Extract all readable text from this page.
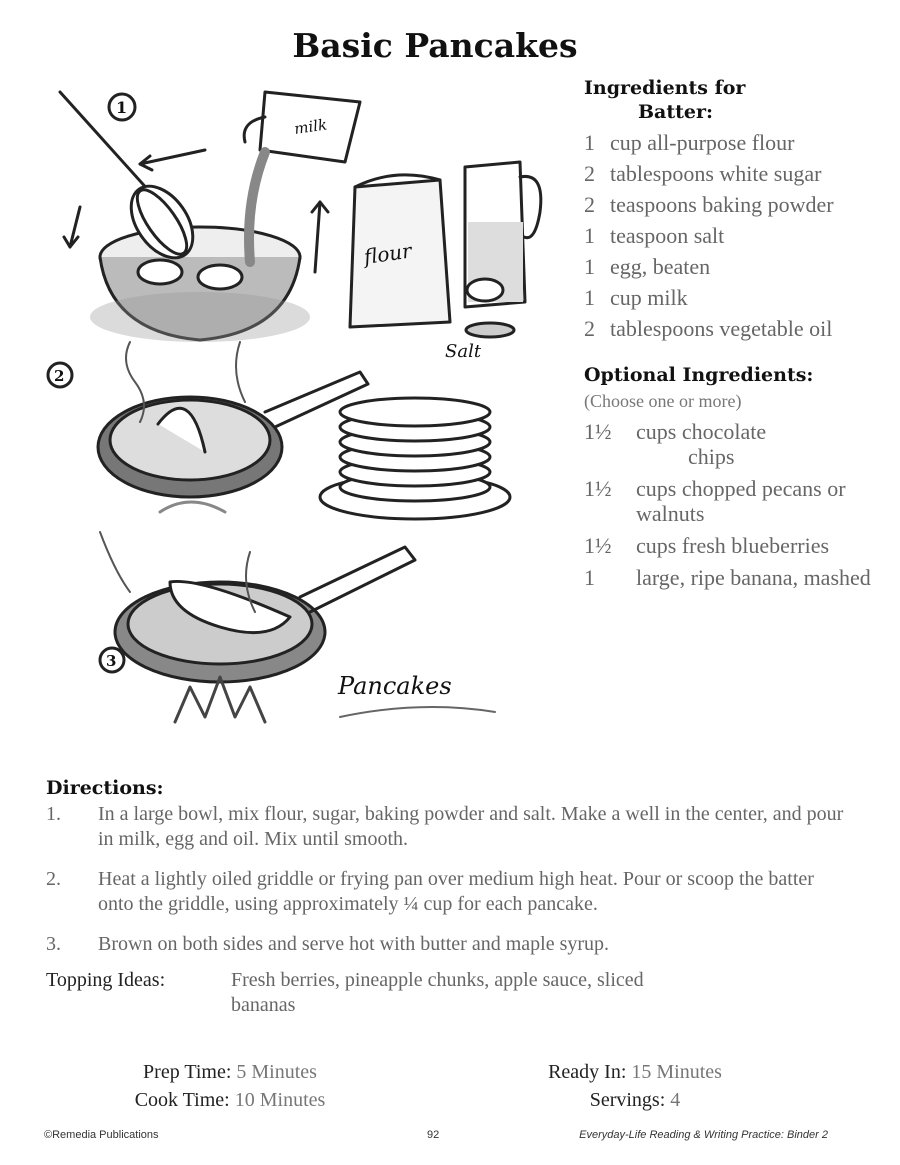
Basic Pancakes
1
2
3
milk
flour
Salt
Pancakes
Ingredients for
Batter:
1 cup all-purpose flour
2 tablespoons white sugar
2 teaspoons baking powder
1 teaspoon salt
1 egg, beaten
1 cup milk
2 tablespoons vegetable oil
Optional Ingredients:
(Choose one or more)
1½	cups chocolate
chips
1½	cups chopped pecans or walnuts
1½	cups fresh blueberries
1	large, ripe banana, mashed
Directions:
1.	In a large bowl, mix flour, sugar, baking powder and salt. Make a well in the center, and pour in milk, egg and oil. Mix until smooth.
2.	Heat a lightly oiled griddle or frying pan over medium high heat. Pour or scoop the batter onto the griddle, using approximately ¼ cup for each pancake.
3.	Brown on both sides and serve hot with butter and maple syrup.
Topping Ideas:	Fresh berries, pineapple chunks, apple sauce, sliced bananas
Prep Time: 5 Minutes
Cook Time: 10 Minutes
Ready In: 15 Minutes
Servings: 4
©Remedia Publications	92	Everyday-Life Reading & Writing Practice: Binder 2
